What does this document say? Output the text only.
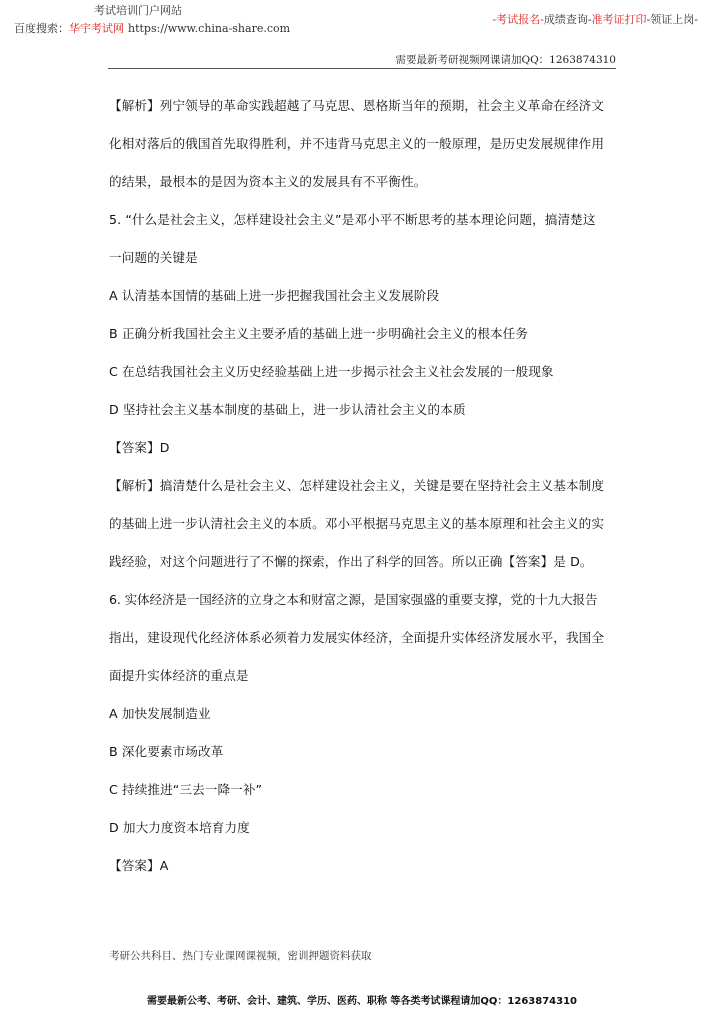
考试培训门户网站
百度搜索：华宇考试网 https://www.china-share.com
-考试报名-成绩查询-准考证打印-领证上岗-
需要最新考研视频网课请加QQ：1263874310
【解析】列宁领导的革命实践超越了马克思、恩格斯当年的预期，社会主义革命在经济文
化相对落后的俄国首先取得胜利，并不违背马克思主义的一般原理，是历史发展规律作用
的结果，最根本的是因为资本主义的发展具有不平衡性。
5. “什么是社会主义，怎样建设社会主义”是邓小平不断思考的基本理论问题，搞清楚这
一问题的关键是
A 认清基本国情的基础上进一步把握我国社会主义发展阶段
B 正确分析我国社会主义主要矛盾的基础上进一步明确社会主义的根本任务
C 在总结我国社会主义历史经验基础上进一步揭示社会主义社会发展的一般现象
D 坚持社会主义基本制度的基础上，进一步认清社会主义的本质
【答案】D
【解析】搞清楚什么是社会主义、怎样建设社会主义，关键是要在坚持社会主义基本制度
的基础上进一步认清社会主义的本质。邓小平根据马克思主义的基本原理和社会主义的实
践经验，对这个问题进行了不懈的探索，作出了科学的回答。所以正确【答案】是 D。
6. 实体经济是一国经济的立身之本和财富之源，是国家强盛的重要支撑，党的十九大报告
指出，建设现代化经济体系必须着力发展实体经济，全面提升实体经济发展水平，我国全
面提升实体经济的重点是
A 加快发展制造业
B 深化要素市场改革
C 持续推进“三去一降一补”
D 加大力度资本培育力度
【答案】A
考研公共科目、热门专业课网课视频，密训押题资料获取
需要最新公考、考研、会计、建筑、学历、医药、职称 等各类考试课程请加QQ：1263874310
